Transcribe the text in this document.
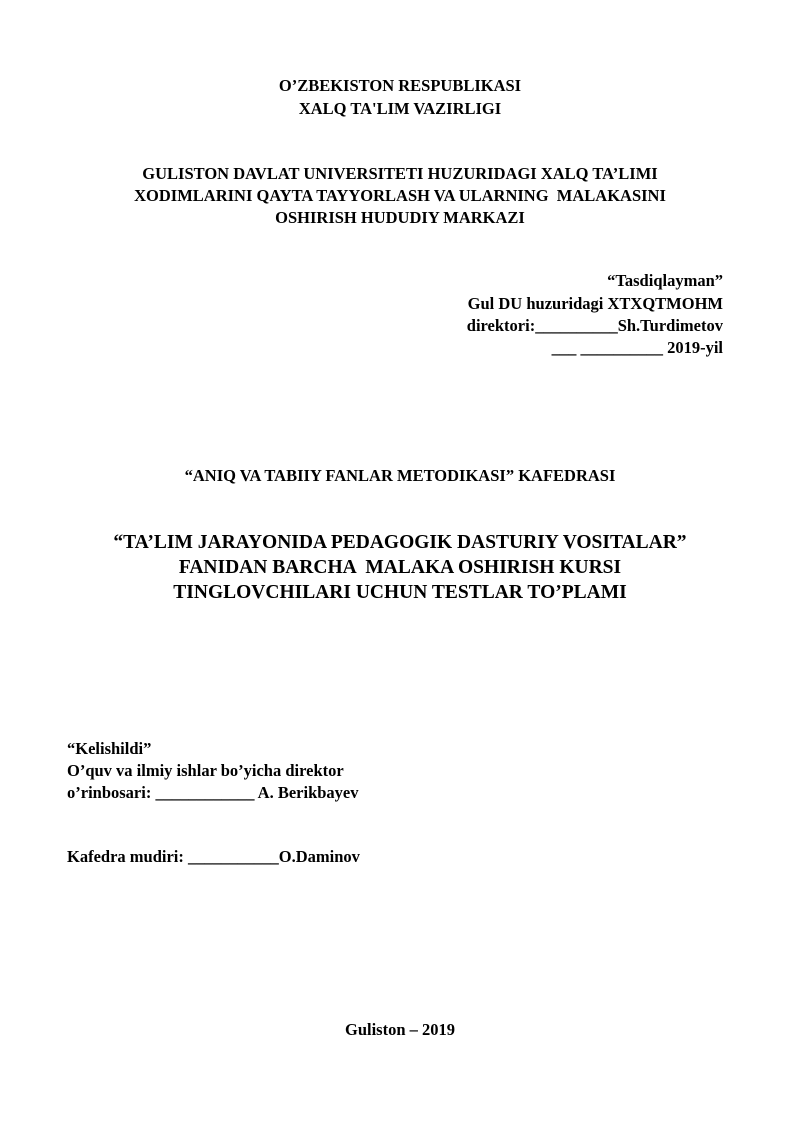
O’ZBEKISTON RESPUBLIKASI
XALQ TA'LIM VAZIRLIGI
GULISTON DAVLAT UNIVERSITETI HUZURIDAGI XALQ TA’LIMI
XODIMLARINI QAYTA TAYYORLASH VA ULARNING  MALAKASINI
OSHIRISH HUDUDIY MARKAZI
“Tasdiqlayman”
Gul DU huzuridagi XTXQTMOHM
direktori:__________Sh.Turdimetov
___ __________ 2019-yil
“ANIQ VA TABIIY FANLAR METODIKASI” KAFEDRASI
“TA’LIM JARAYONIDA PEDAGOGIK DASTURIY VOSITALAR”
FANIDAN BARCHA  MALAKA OSHIRISH KURSI
TINGLOVCHILARI UCHUN TESTLAR TO’PLAMI
“Kelishildi”
O’quv va ilmiy ishlar bo’yicha direktor
o’rinbosari: ____________ A. Berikbayev
Kafedra mudiri: ___________O.Daminov
Guliston – 2019
